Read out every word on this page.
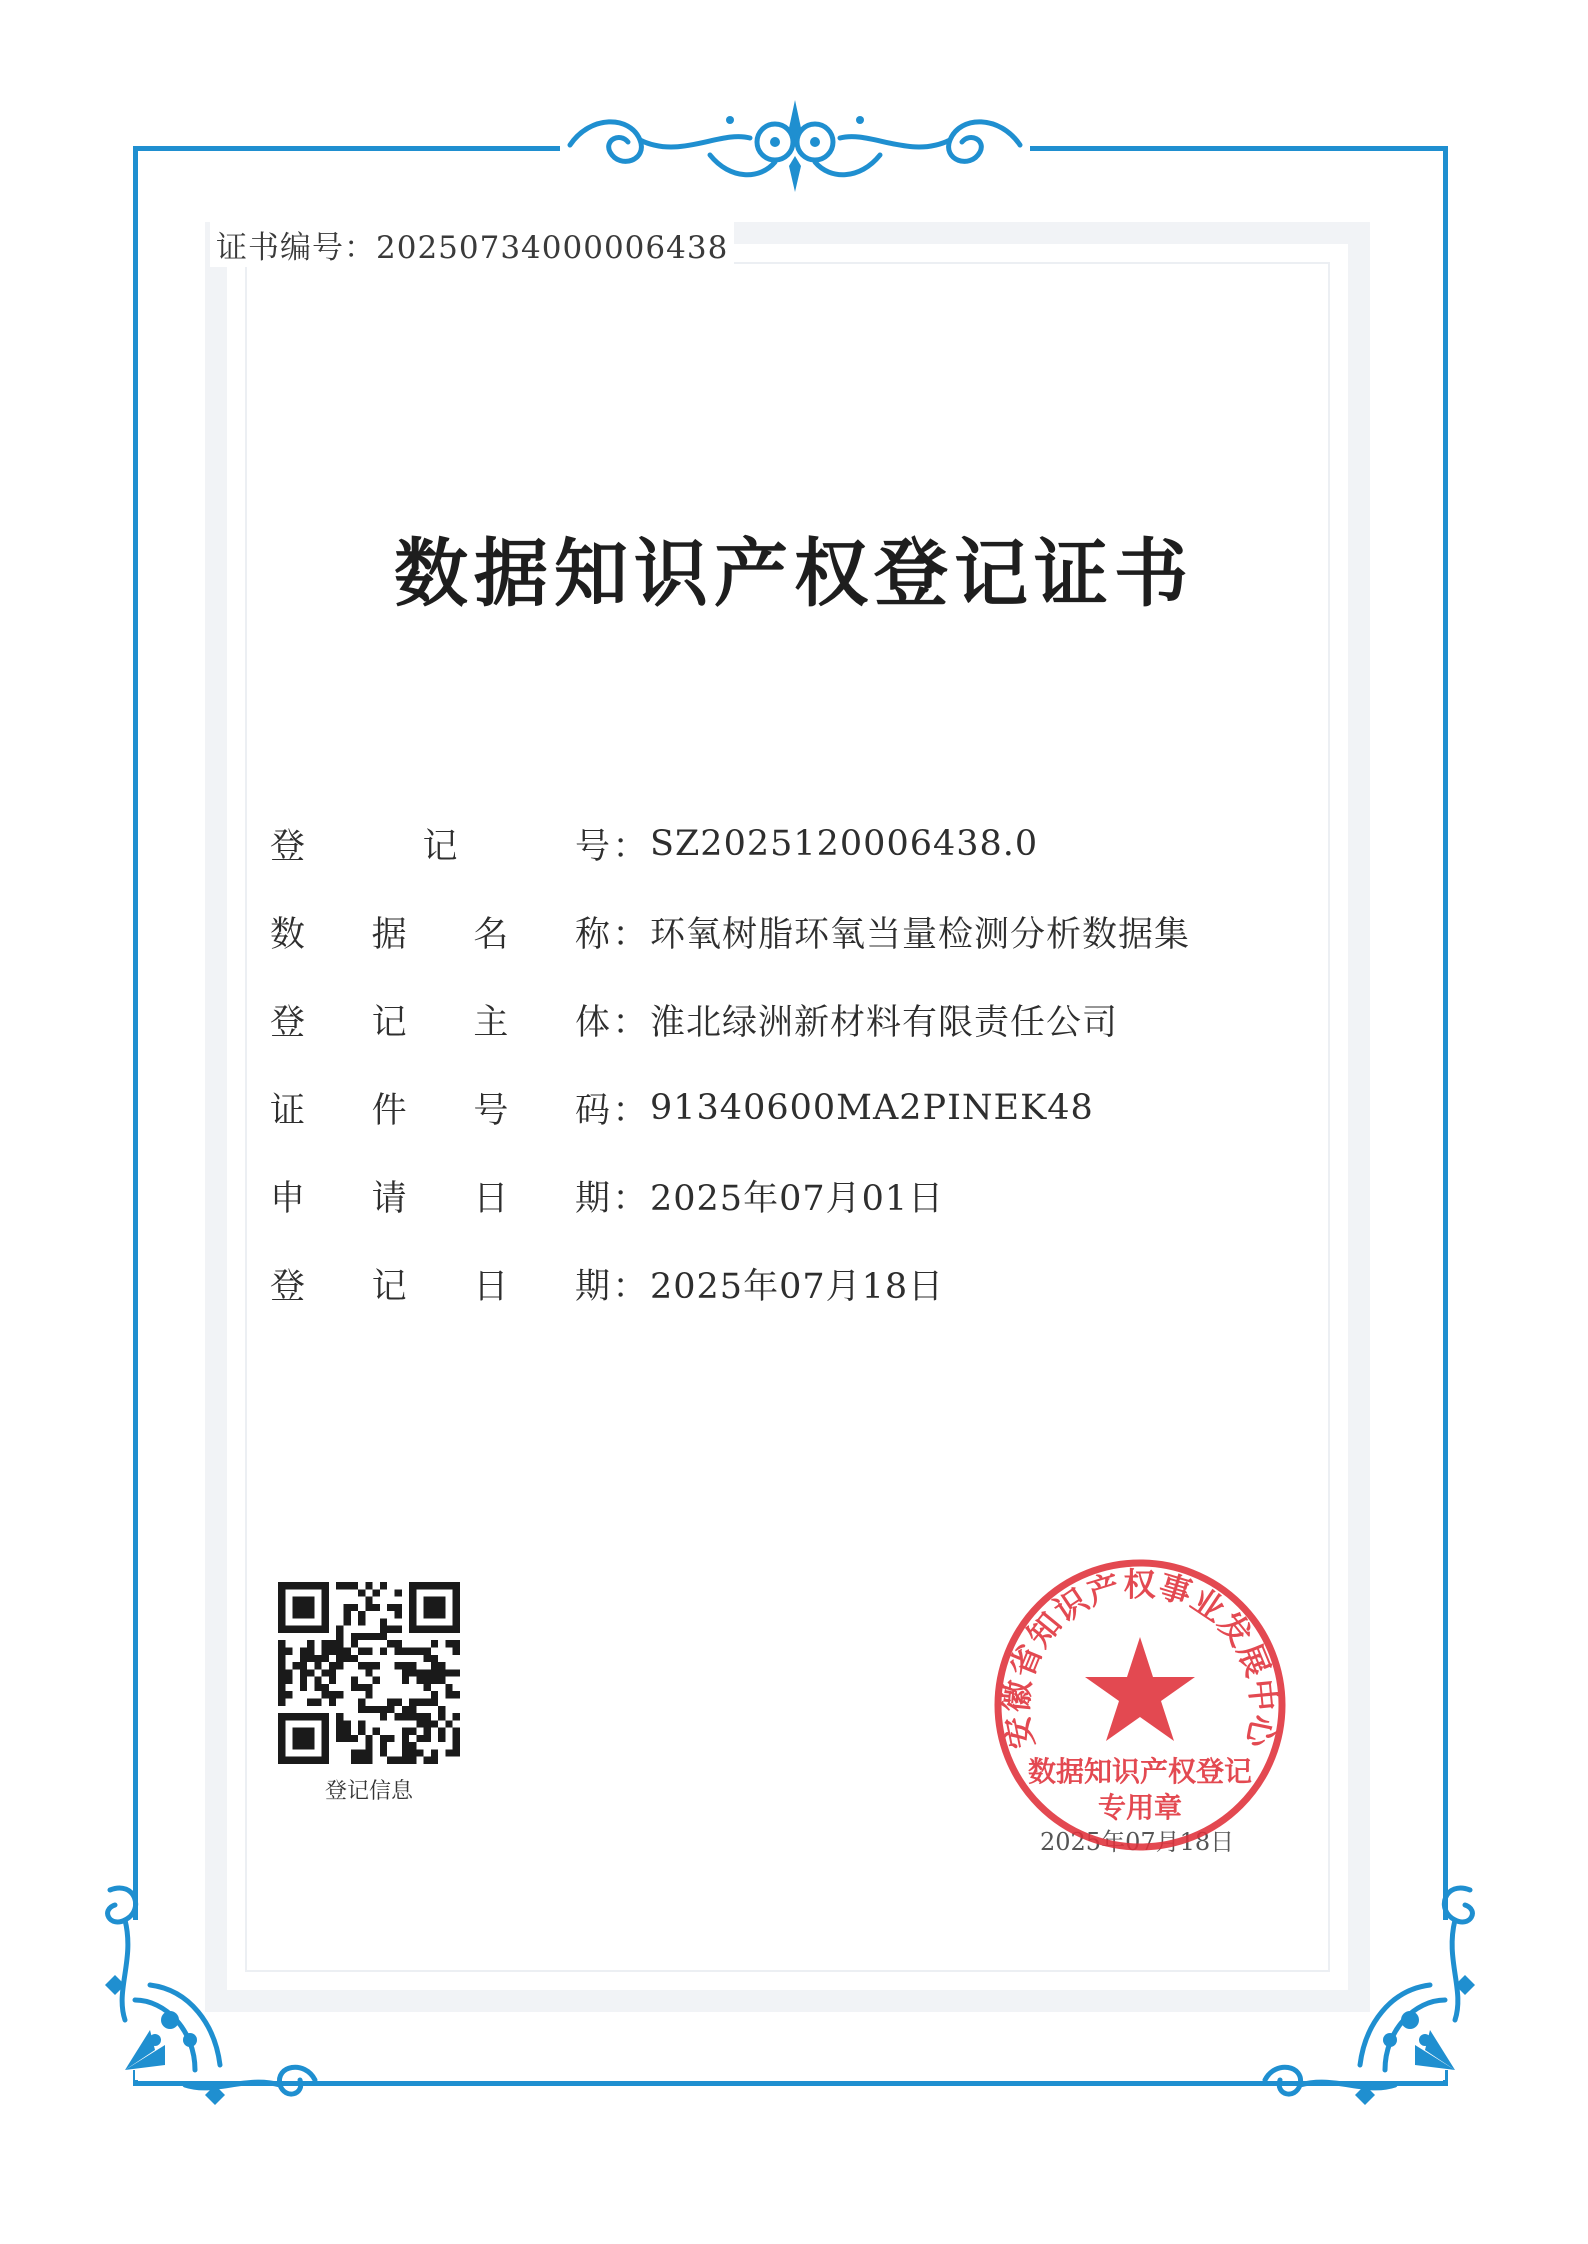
证书编号：20250734000006438
数据知识产权登记证书
登	记	号 ： SZ2025120006438.0
数 据 名 称 ： 环氧树脂环氧当量检测分析数据集
登 记 主 体 ： 淮北绿洲新材料有限责任公司
证 件 号 码 ： 91340600MA2PINEK48
申 请 日 期 ： 2025年07月01日
登 记 日 期 ： 2025年07月18日
登记信息
2025年07月18日
安徽省知识产权事业发展中心
数据知识产权登记
专用章
